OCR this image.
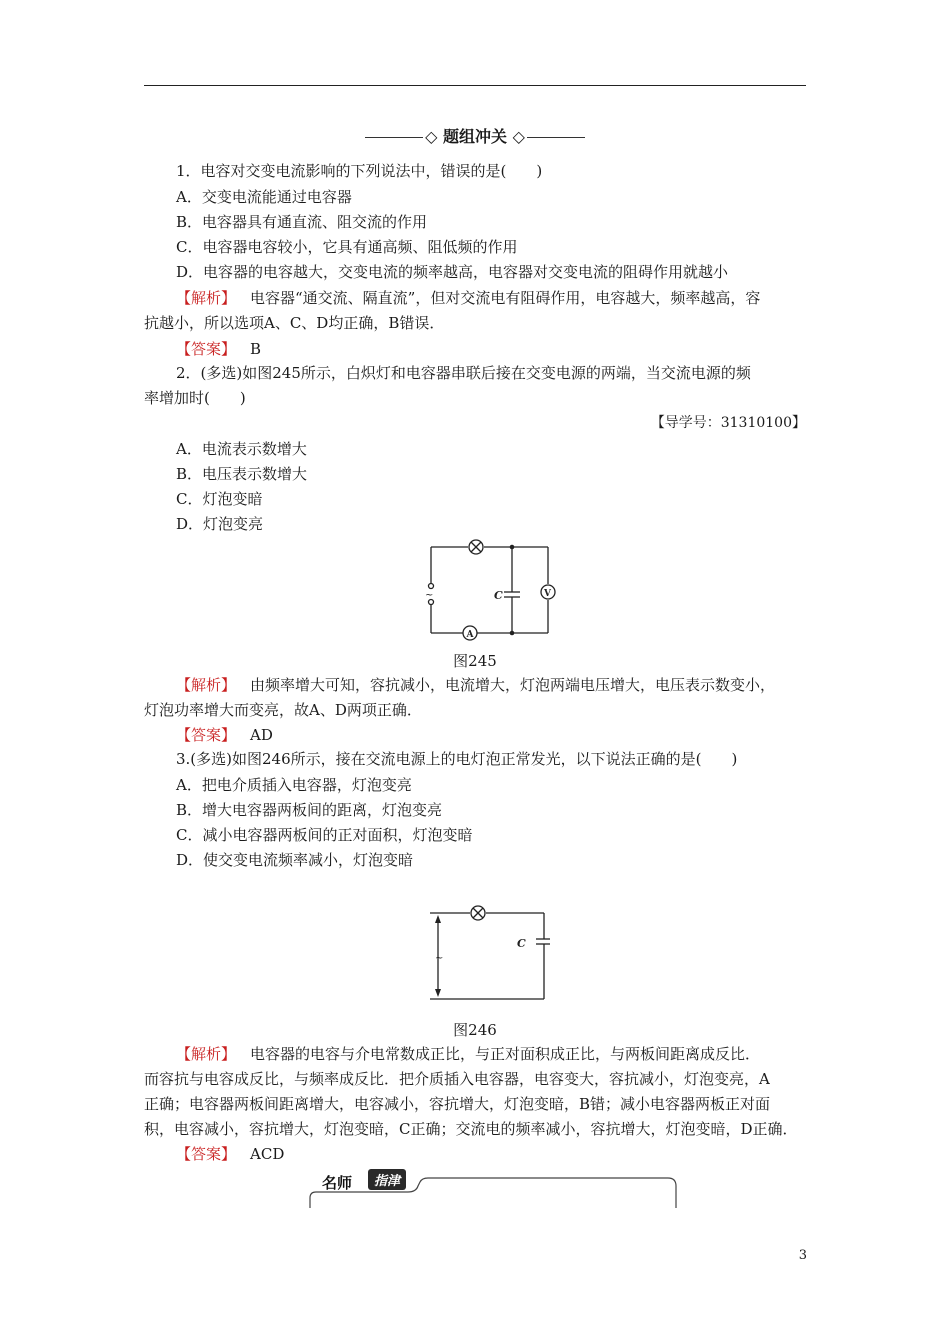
◇ 题组冲关 ◇
1．电容对交变电流影响的下列说法中，错误的是(　　)
A．交变电流能通过电容器
B．电容器具有通直流、阻交流的作用
C．电容器电容较小，它具有通高频、阻低频的作用
D．电容器的电容越大，交变电流的频率越高，电容器对交变电流的阻碍作用就越小
【解析】 电容器“通交流、隔直流”，但对交流电有阻碍作用，电容越大，频率越高，容
抗越小，所以选项A、C、D均正确，B错误．
【答案】 B
2．(多选)如图245所示，白炽灯和电容器串联后接在交变电源的两端，当交流电源的频
率增加时(　　)
【导学号：31310100】
A．电流表示数增大
B．电压表示数增大
C．灯泡变暗
D．灯泡变亮
~	C	V
A
图245
【解析】 由频率增大可知，容抗减小，电流增大，灯泡两端电压增大，电压表示数变小，
灯泡功率增大而变亮，故A、D两项正确．
【答案】 AD
3.(多选)如图246所示，接在交流电源上的电灯泡正常发光，以下说法正确的是(　　)
A．把电介质插入电容器，灯泡变亮
B．增大电容器两板间的距离，灯泡变亮
C．减小电容器两板间的正对面积，灯泡变暗
D．使交变电流频率减小，灯泡变暗
~
C
图246
【解析】 电容器的电容与介电常数成正比，与正对面积成正比，与两板间距离成反比．
而容抗与电容成反比，与频率成反比．把介质插入电容器，电容变大，容抗减小，灯泡变亮，A
正确；电容器两板间距离增大，电容减小，容抗增大，灯泡变暗，B错；减小电容器两板正对面
积，电容减小，容抗增大，灯泡变暗，C正确；交流电的频率减小，容抗增大，灯泡变暗，D正确．
【答案】 ACD
名师	指津
3
